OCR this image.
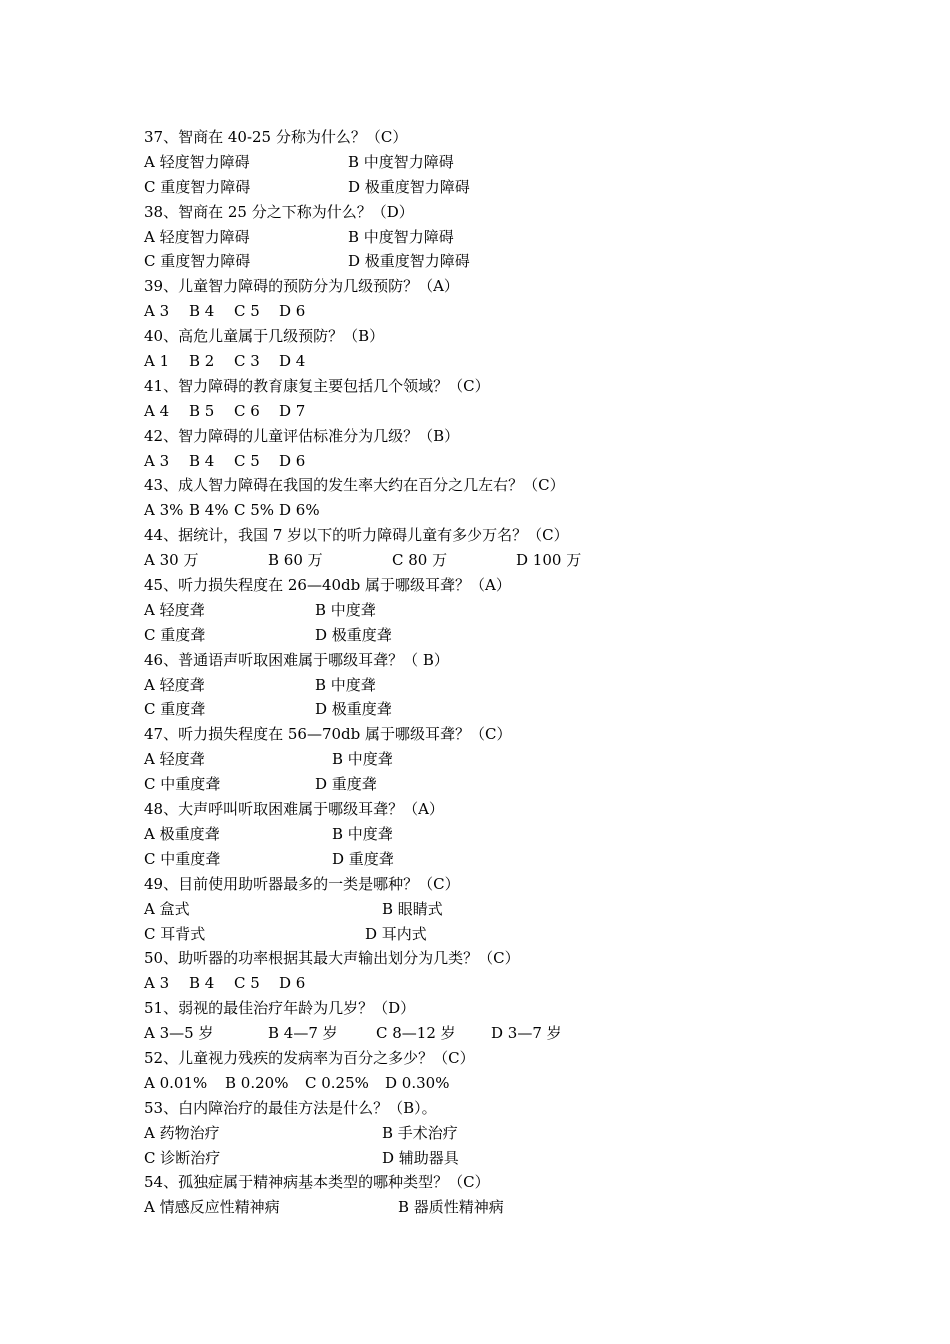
37、智商在 40-25 分称为什么？（C）
A 轻度智力障碍	B 中度智力障碍
C 重度智力障碍	D 极重度智力障碍
38、智商在 25 分之下称为什么？（D）
A 轻度智力障碍	B 中度智力障碍
C 重度智力障碍	D 极重度智力障碍
39、儿童智力障碍的预防分为几级预防？（A）
A 3 B 4 C 5 D 6
40、高危儿童属于几级预防？（B）
A 1 B 2 C 3 D 4
41、智力障碍的教育康复主要包括几个领域？（C）
A 4 B 5 C 6 D 7
42、智力障碍的儿童评估标准分为几级？（B）
A 3 B 4 C 5 D 6
43、成人智力障碍在我国的发生率大约在百分之几左右？（C）
A 3% B 4% C 5% D 6%
44、据统计，我国 7 岁以下的听力障碍儿童有多少万名？（C）
A 30 万	B 60 万	C 80 万	D 100 万
45、听力损失程度在 26—40db 属于哪级耳聋？（A）
A 轻度聋	B 中度聋
C 重度聋	D 极重度聋
46、普通语声听取困难属于哪级耳聋？（ B）
A 轻度聋	B 中度聋
C 重度聋	D 极重度聋
47、听力损失程度在 56—70db 属于哪级耳聋？（C）
A 轻度聋	B 中度聋
C 中重度聋	D 重度聋
48、大声呼叫听取困难属于哪级耳聋？（A）
A 极重度聋	B 中度聋
C 中重度聋	D 重度聋
49、目前使用助听器最多的一类是哪种？（C）
A 盒式	B 眼睛式
C 耳背式	D 耳内式
50、助听器的功率根据其最大声输出划分为几类？（C）
A 3 B 4 C 5 D 6
51、弱视的最佳治疗年龄为几岁？（D）
A 3—5 岁	B 4—7 岁	C 8—12 岁 D 3—7 岁
52、儿童视力残疾的发病率为百分之多少？（C）
A 0.01% B 0.20% C 0.25% D 0.30%
53、白内障治疗的最佳方法是什么？（B）。
A 药物治疗	B 手术治疗
C 诊断治疗	D 辅助器具
54、孤独症属于精神病基本类型的哪种类型？（C）
A 情感反应性精神病	B 器质性精神病
